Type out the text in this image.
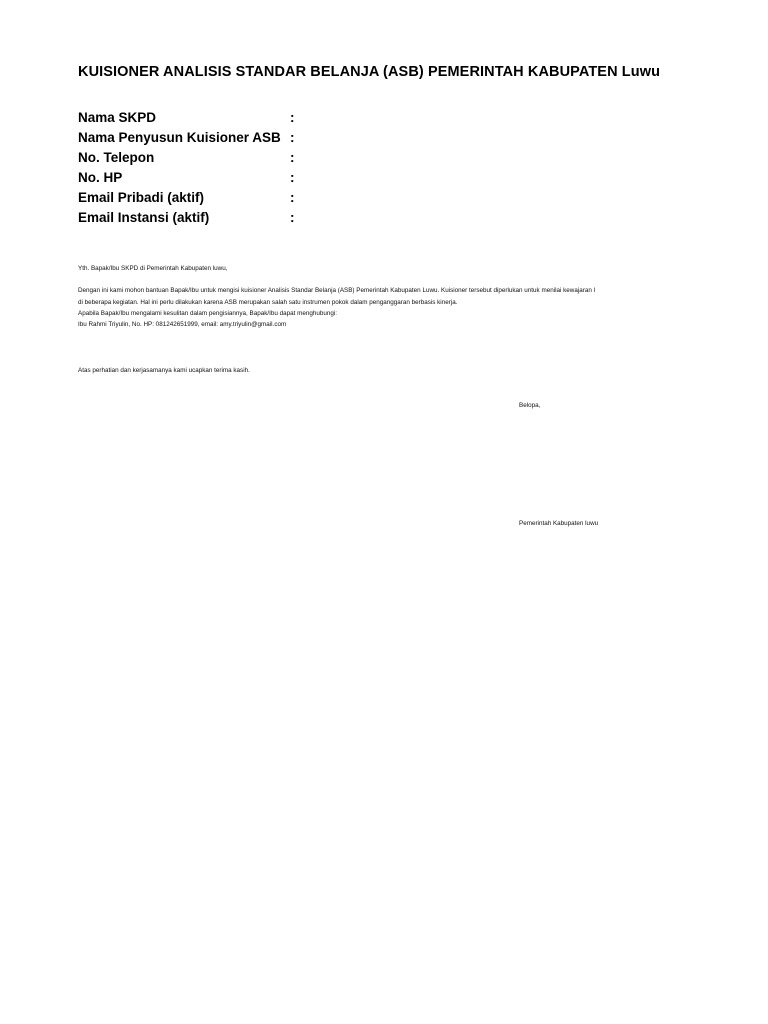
KUISIONER ANALISIS STANDAR BELANJA (ASB) PEMERINTAH KABUPATEN Luwu
Nama SKPD	:
Nama Penyusun Kuisioner ASB :
No. Telepon	:
No. HP	:
Email Pribadi (aktif)	:
Email Instansi (aktif)	:
Yth. Bapak/Ibu SKPD di Pemerintah Kabupaten luwu,
Dengan ini kami mohon bantuan Bapak/Ibu untuk mengisi kuisioner Analisis Standar Belanja (ASB) Pemerintah Kabupaten Luwu. Kuisioner tersebut diperlukan untuk menilai kewajaran l
di beberapa kegiatan. Hal ini perlu dilakukan karena ASB merupakan salah satu instrumen pokok dalam penganggaran berbasis kinerja.
Apabila Bapak/Ibu mengalami kesulitan dalam pengisiannya, Bapak/Ibu dapat menghubungi:
Ibu Rahmi Triyulin, No. HP: 081242651999, email: amy.triyulin@gmail.com
Atas perhatian dan kerjasamanya kami ucapkan terima kasih.
Belopa,
Pemerintah Kabupaten luwu
